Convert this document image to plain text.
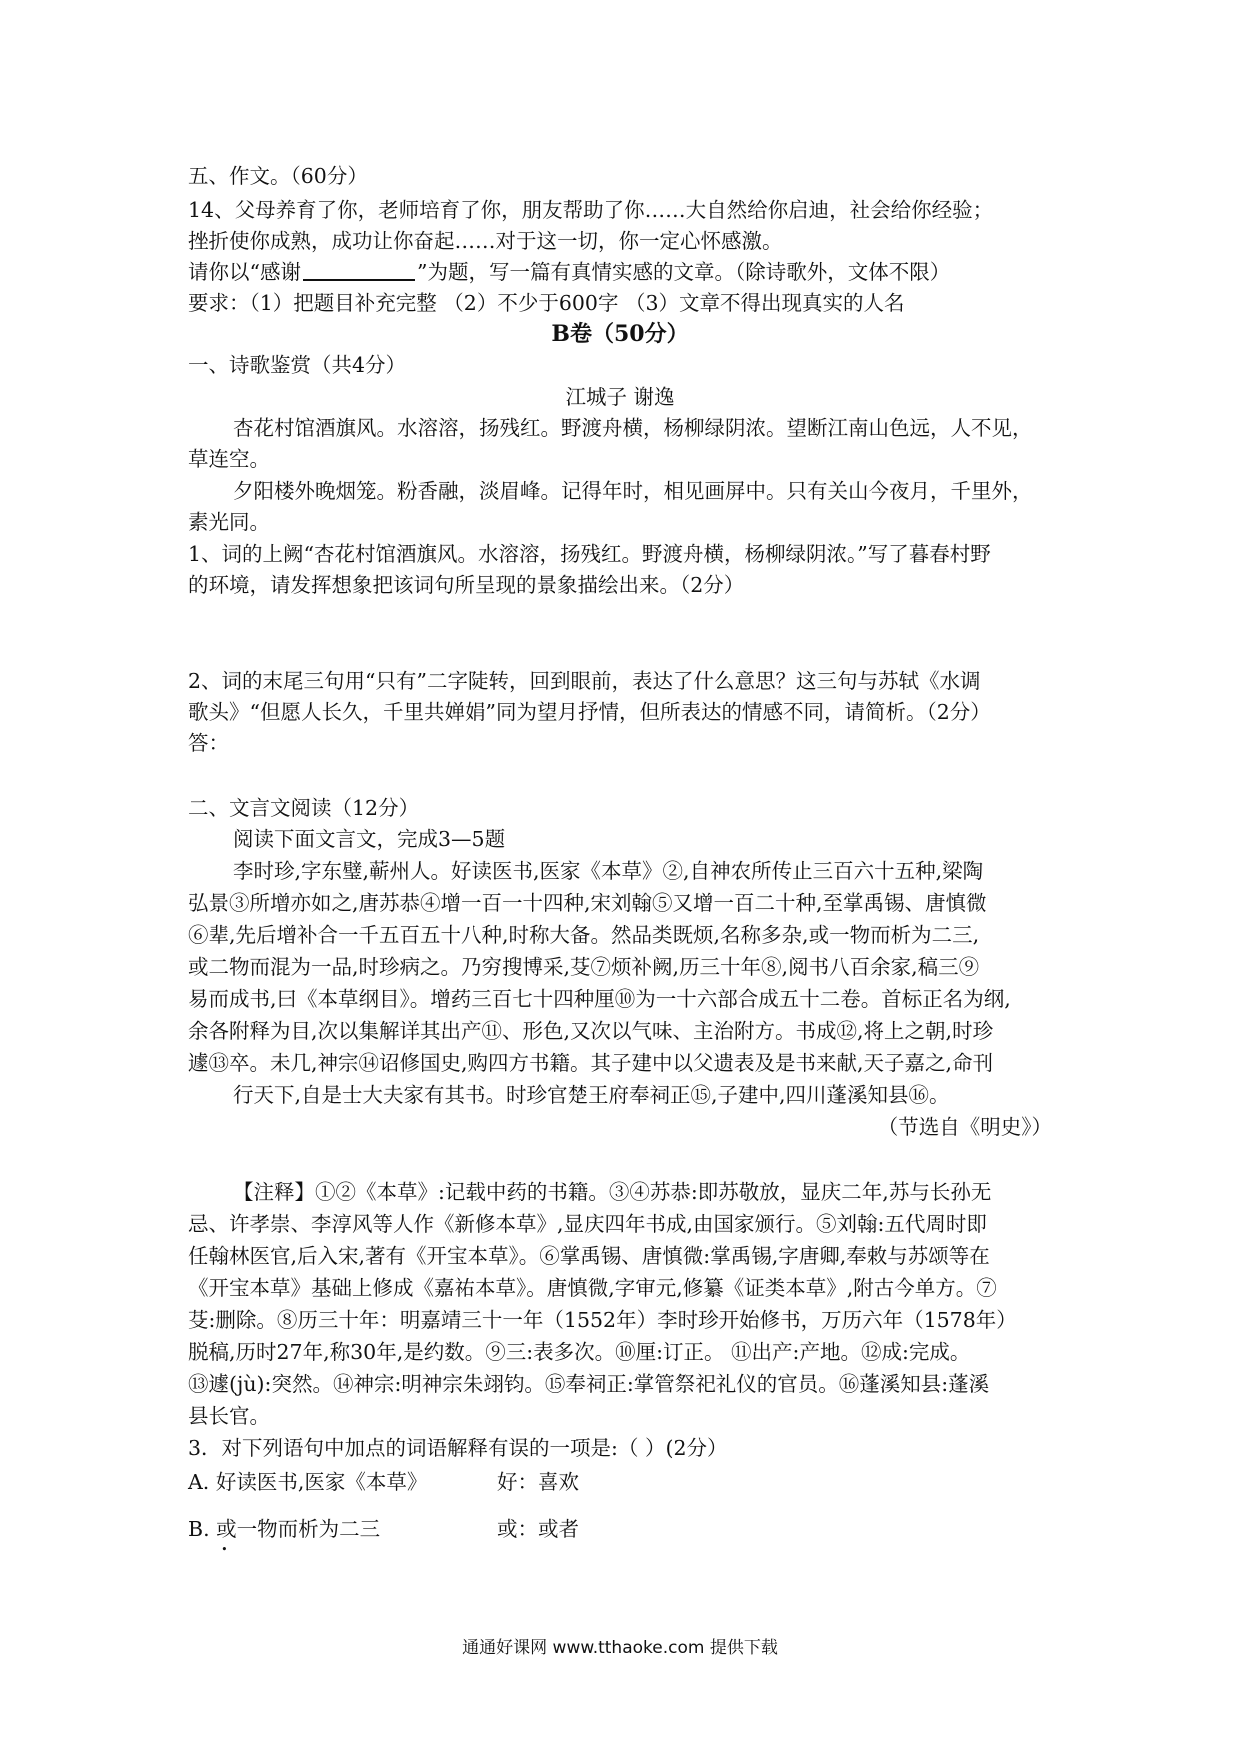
五、作文。（60分）
14、父母养育了你，老师培育了你，朋友帮助了你……大自然给你启迪，社会给你经验；
挫折使你成熟，成功让你奋起……对于这一切，你一定心怀感激。
请你以“感谢	”为题，写一篇有真情实感的文章。（除诗歌外，文体不限）
要求：（1）把题目补充完整 （2）不少于600字 （3）文章不得出现真实的人名
B卷（50分）
一、诗歌鉴赏（共4分）
江城子 谢逸
杏花村馆酒旗风。水溶溶，扬残红。野渡舟横，杨柳绿阴浓。望断江南山色远，人不见，
草连空。
夕阳楼外晚烟笼。粉香融，淡眉峰。记得年时，相见画屏中。只有关山今夜月，千里外，
素光同。
1、词的上阙“杏花村馆酒旗风。水溶溶，扬残红。野渡舟横，杨柳绿阴浓。”写了暮春村野
的环境，请发挥想象把该词句所呈现的景象描绘出来。（2分）
2、词的末尾三句用“只有”二字陡转，回到眼前，表达了什么意思？这三句与苏轼《水调
歌头》“但愿人长久，千里共婵娟”同为望月抒情，但所表达的情感不同，请简析。（2分）
答：
二、文言文阅读（12分）
阅读下面文言文，完成3—5题
李时珍,字东璧,蕲州人。好读医书,医家《本草》②,自神农所传止三百六十五种,梁陶
弘景③所增亦如之,唐苏恭④增一百一十四种,宋刘翰⑤又增一百二十种,至掌禹锡、唐慎微
⑥辈,先后增补合一千五百五十八种,时称大备。然品类既烦,名称多杂,或一物而析为二三,
或二物而混为一品,时珍病之。乃穷搜博采,芟⑦烦补阙,历三十年⑧,阅书八百余家,稿三⑨
易而成书,曰《本草纲目》。增药三百七十四种厘⑩为一十六部合成五十二卷。首标正名为纲,
余各附释为目,次以集解详其出产⑪、形色,又次以气味、主治附方。书成⑫,将上之朝,时珍
遽⑬卒。未几,神宗⑭诏修国史,购四方书籍。其子建中以父遗表及是书来献,天子嘉之,命刊
行天下,自是士大夫家有其书。时珍官楚王府奉祠正⑮,子建中,四川蓬溪知县⑯。
（节选自《明史》）
【注释】①②《本草》:记载中药的书籍。③④苏恭:即苏敬放，显庆二年,苏与长孙无
忌、许孝崇、李淳风等人作《新修本草》,显庆四年书成,由国家颁行。⑤刘翰:五代周时即
任翰林医官,后入宋,著有《开宝本草》。⑥掌禹锡、唐慎微:掌禹锡,字唐卿,奉敕与苏颂等在
《开宝本草》基础上修成《嘉祐本草》。唐慎微,字审元,修纂《证类本草》,附古今单方。⑦
芟:删除。⑧历三十年：明嘉靖三十一年（1552年）李时珍开始修书，万历六年（1578年）
脱稿,历时27年,称30年,是约数。⑨三:表多次。⑩厘:订正。 ⑪出产:产地。⑫成:完成。
⑬遽(jù):突然。⑭神宗:明神宗朱翊钧。⑮奉祠正:掌管祭祀礼仪的官员。⑯蓬溪知县:蓬溪
县长官。
3．对下列语句中加点的词语解释有误的一项是:（ ）(2分）
A. 好读医书,医家《本草》	好：喜欢
B. 或一物而析为二三	或：或者
通通好课网 www.tthaoke.com 提供下载
